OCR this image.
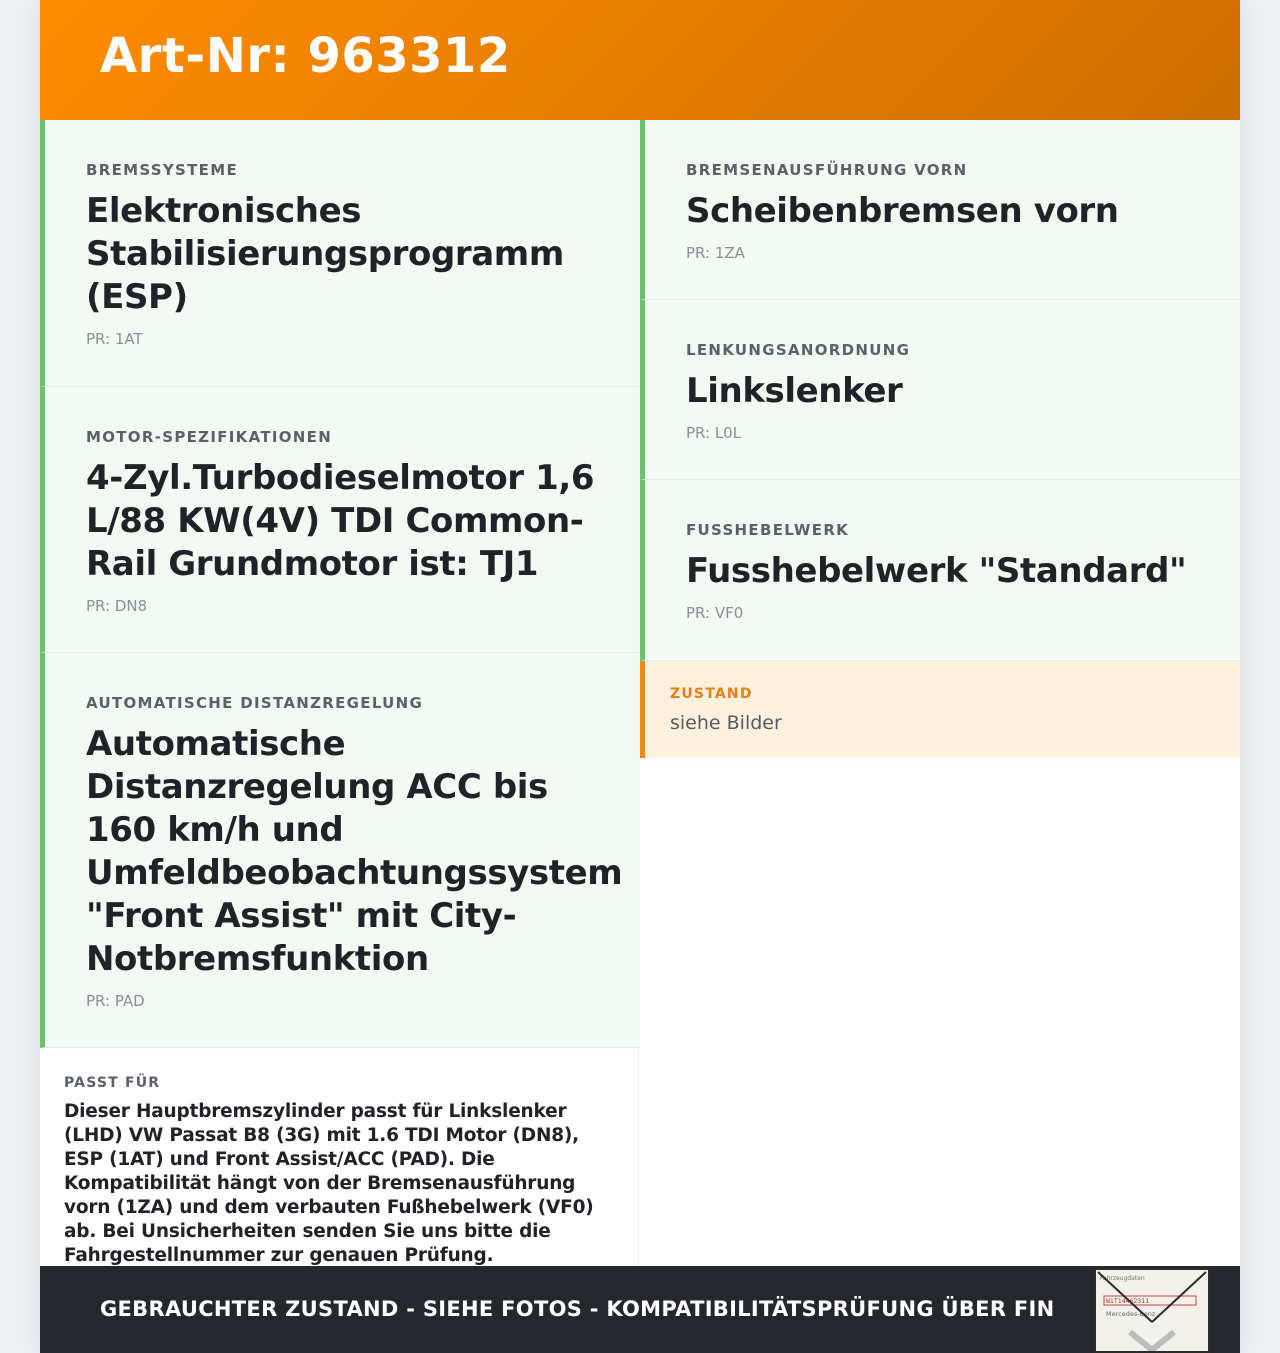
Art-Nr: 963312
BREMSSYSTEME
Elektronisches Stabilisierungsprogramm (ESP)
PR: 1AT
MOTOR-SPEZIFIKATIONEN
4-Zyl.Turbodieselmotor 1,6 L/88 KW(4V) TDI Common-Rail Grundmotor ist: TJ1
PR: DN8
AUTOMATISCHE DISTANZREGELUNG
Automatische Distanzregelung ACC bis 160 km/h und Umfeldbeobachtungssystem "Front Assist" mit City-Notbremsfunktion
PR: PAD
BREMSENAUSFÜHRUNG VORN
Scheibenbremsen vorn
PR: 1ZA
LENKUNGSANORDNUNG
Linkslenker
PR: L0L
FUSSHEBELWERK
Fusshebelwerk "Standard"
PR: VF0
ZUSTAND
siehe Bilder
PASST FÜR
Dieser Hauptbremszylinder passt für Linkslenker (LHD) VW Passat B8 (3G) mit 1.6 TDI Motor (DN8), ESP (1AT) und Front Assist/ACC (PAD). Die Kompatibilität hängt von der Bremsenausführung vorn (1ZA) und dem verbauten Fußhebelwerk (VF0) ab. Bei Unsicherheiten senden Sie uns bitte die Fahrgestellnummer zur genauen Prüfung.
GEBRAUCHTER ZUSTAND - SIEHE FOTOS - KOMPATIBILITÄTSPRÜFUNG ÜBER FIN
Fahrzeugdaten
W1T14462311
Mercedes-Benz
